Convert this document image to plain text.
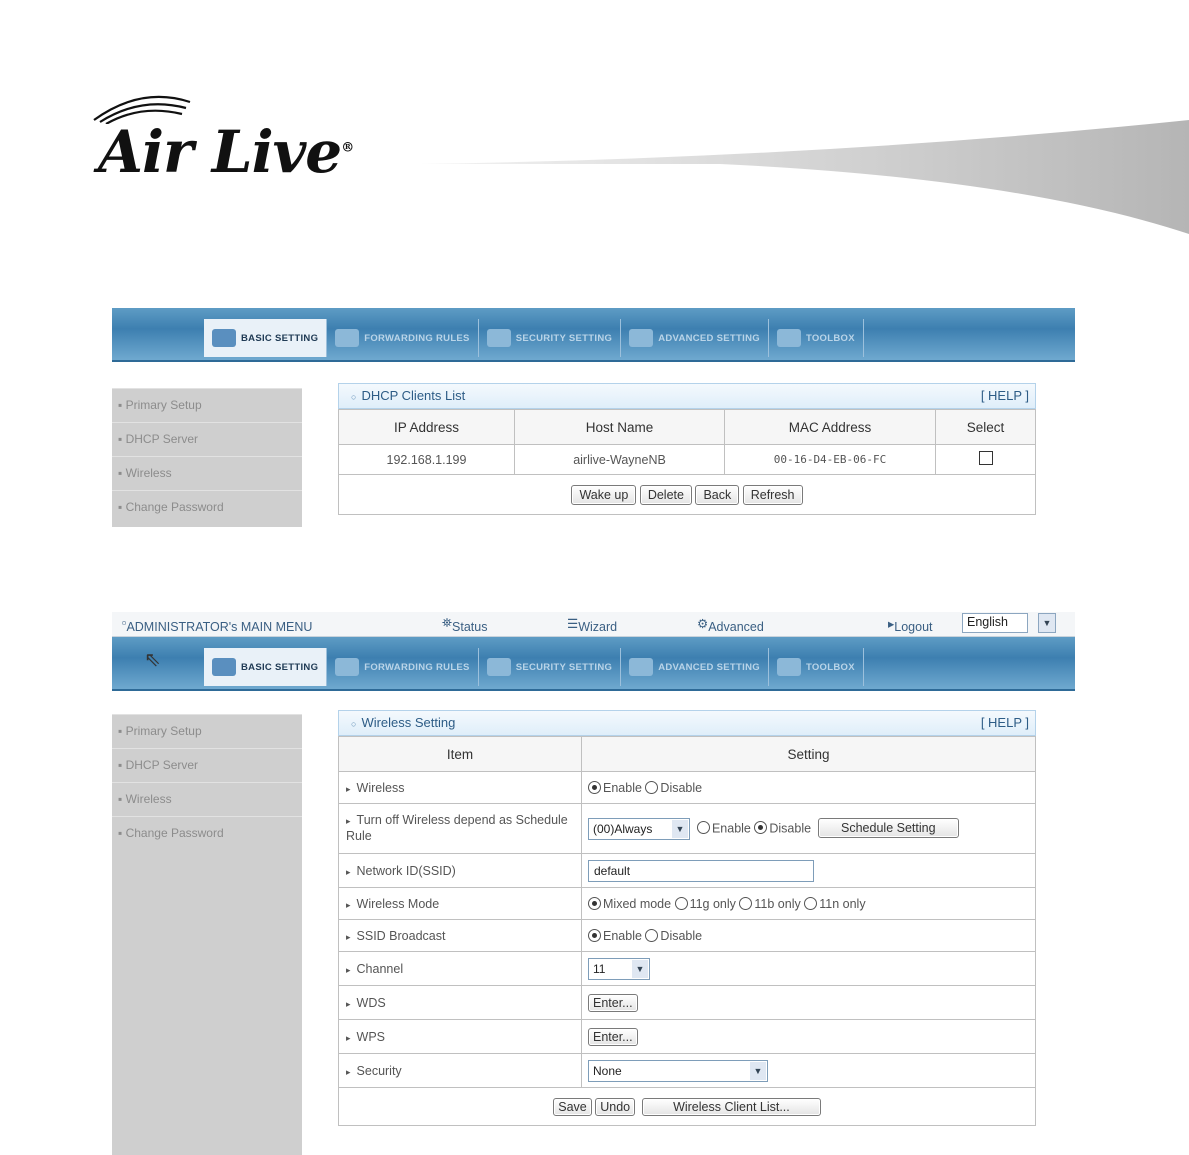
Air Live®
BASIC SETTING	FORWARDING RULES	SECURITY SETTING	ADVANCED SETTING	TOOLBOX
▪ Primary Setup
▪ DHCP Server
▪ Wireless
▪ Change Password
○ DHCP Clients List	[ HELP ]
IP Address	Host Name	MAC Address	Select
192.168.1.199	airlive-WayneNB	00-16-D4-EB-06-FC	
Wake up Delete Back Refresh			
▫ ADMINISTRATOR's MAIN MENU	⛯ Status	☰ Wizard	⚙ Advanced	▸ Logout	English	▼
⇖	BASIC SETTING	FORWARDING RULES	SECURITY SETTING	ADVANCED SETTING	TOOLBOX
▪ Primary Setup
▪ DHCP Server
▪ Wireless
▪ Change Password
○ Wireless Setting	[ HELP ]
Item	Setting
▸ Wireless	Enable Disable
▸ Turn off Wireless depend as Schedule Rule	(00)Always ▼ Enable Disable Schedule Setting
▸ Network ID(SSID)	default
▸ Wireless Mode	Mixed mode 11g only 11b only 11n only
▸ SSID Broadcast	Enable Disable
▸ Channel	11 ▼

▸ WDS	Enter...
▸ WPS	Enter...
▸ Security	None ▼

Save Undo Wireless Client List...	
